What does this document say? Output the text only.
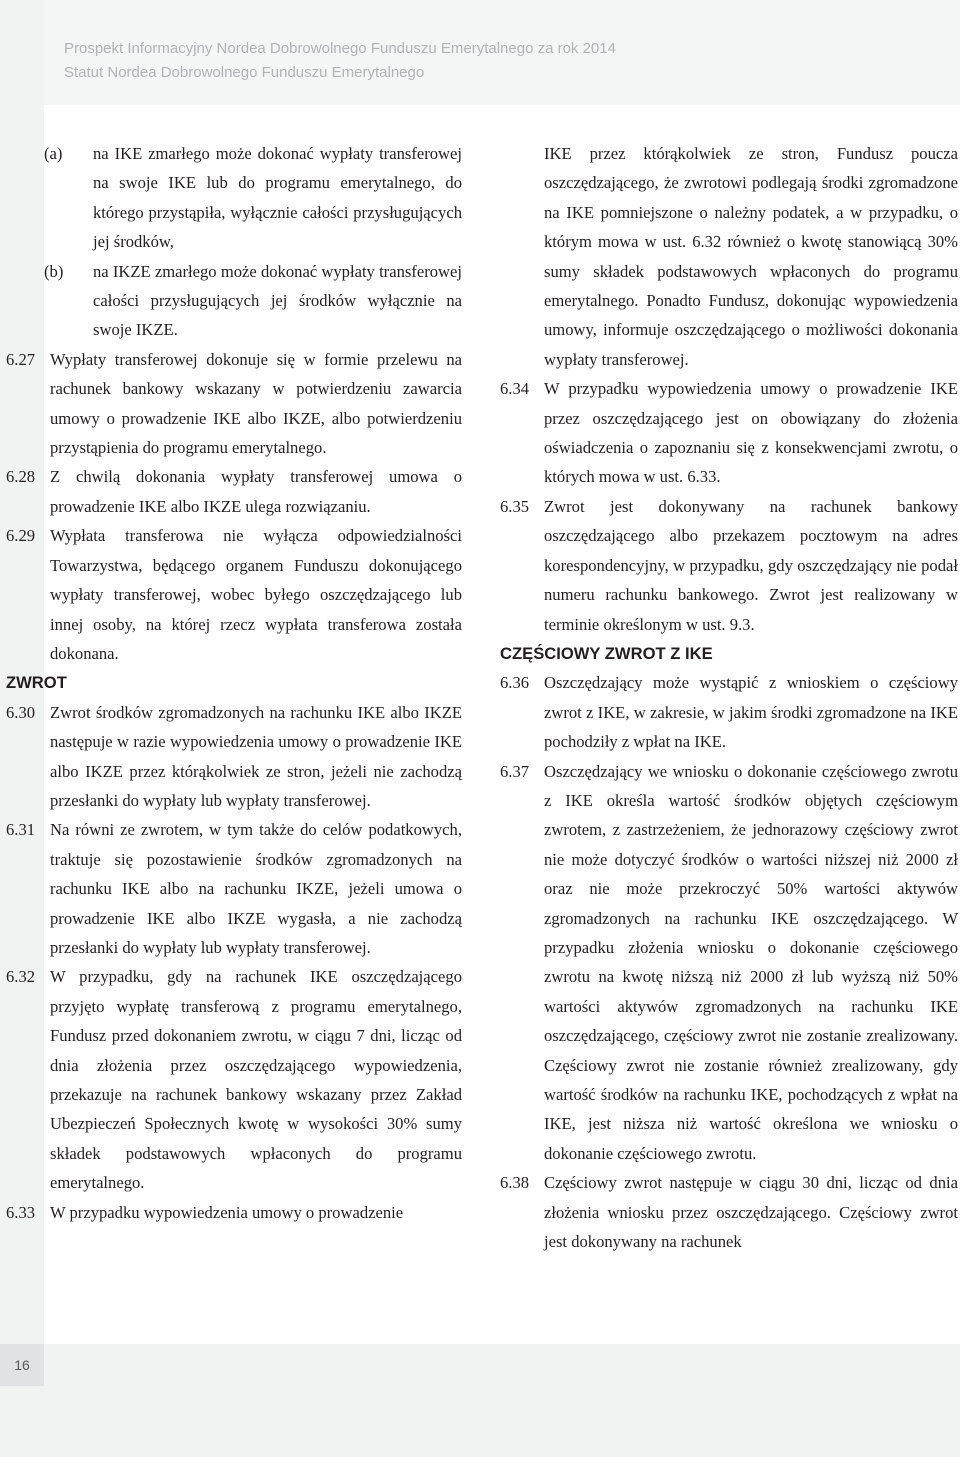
Prospekt Informacyjny Nordea Dobrowolnego Funduszu Emerytalnego za rok 2014
Statut Nordea Dobrowolnego Funduszu Emerytalnego
(a) na IKE zmarłego może dokonać wypłaty transferowej na swoje IKE lub do programu emerytalnego, do którego przystąpiła, wyłącznie całości przysługujących jej środków,
(b) na IKZE zmarłego może dokonać wypłaty transferowej całości przysługujących jej środków wyłącznie na swoje IKZE.
6.27 Wypłaty transferowej dokonuje się w formie przelewu na rachunek bankowy wskazany w potwierdzeniu zawarcia umowy o prowadzenie IKE albo IKZE, albo potwierdzeniu przystąpienia do programu emerytalnego.
6.28 Z chwilą dokonania wypłaty transferowej umowa o prowadzenie IKE albo IKZE ulega rozwiązaniu.
6.29 Wypłata transferowa nie wyłącza odpowiedzialności Towarzystwa, będącego organem Funduszu dokonującego wypłaty transferowej, wobec byłego oszczędzającego lub innej osoby, na której rzecz wypłata transferowa została dokonana.
ZWROT
6.30 Zwrot środków zgromadzonych na rachunku IKE albo IKZE następuje w razie wypowiedzenia umowy o prowadzenie IKE albo IKZE przez którąkolwiek ze stron, jeżeli nie zachodzą przesłanki do wypłaty lub wypłaty transferowej.
6.31 Na równi ze zwrotem, w tym także do celów podatkowych, traktuje się pozostawienie środków zgromadzonych na rachunku IKE albo na rachunku IKZE, jeżeli umowa o prowadzenie IKE albo IKZE wygasła, a nie zachodzą przesłanki do wypłaty lub wypłaty transferowej.
6.32 W przypadku, gdy na rachunek IKE oszczędzającego przyjęto wypłatę transferową z programu emerytalnego, Fundusz przed dokonaniem zwrotu, w ciągu 7 dni, licząc od dnia złożenia przez oszczędzającego wypowiedzenia, przekazuje na rachunek bankowy wskazany przez Zakład Ubezpieczeń Społecznych kwotę w wysokości 30% sumy składek podstawowych wpłaconych do programu emerytalnego.
6.33 W przypadku wypowiedzenia umowy o prowadzenie
IKE przez którąkolwiek ze stron, Fundusz poucza oszczędzającego, że zwrotowi podlegają środki zgromadzone na IKE pomniejszone o należny podatek, a w przypadku, o którym mowa w ust. 6.32 również o kwotę stanowiącą 30% sumy składek podstawowych wpłaconych do programu emerytalnego. Ponadto Fundusz, dokonując wypowiedzenia umowy, informuje oszczędzającego o możliwości dokonania wypłaty transferowej.
6.34 W przypadku wypowiedzenia umowy o prowadzenie IKE przez oszczędzającego jest on obowiązany do złożenia oświadczenia o zapoznaniu się z konsekwencjami zwrotu, o których mowa w ust. 6.33.
6.35 Zwrot jest dokonywany na rachunek bankowy oszczędzającego albo przekazem pocztowym na adres korespondencyjny, w przypadku, gdy oszczędzający nie podał numeru rachunku bankowego. Zwrot jest realizowany w terminie określonym w ust. 9.3.
CZĘŚCIOWY ZWROT Z IKE
6.36 Oszczędzający może wystąpić z wnioskiem o częściowy zwrot z IKE, w zakresie, w jakim środki zgromadzone na IKE pochodziły z wpłat na IKE.
6.37 Oszczędzający we wniosku o dokonanie częściowego zwrotu z IKE określa wartość środków objętych częściowym zwrotem, z zastrzeżeniem, że jednorazowy częściowy zwrot nie może dotyczyć środków o wartości niższej niż 2000 zł oraz nie może przekroczyć 50% wartości aktywów zgromadzonych na rachunku IKE oszczędzającego. W przypadku złożenia wniosku o dokonanie częściowego zwrotu na kwotę niższą niż 2000 zł lub wyższą niż 50% wartości aktywów zgromadzonych na rachunku IKE oszczędzającego, częściowy zwrot nie zostanie zrealizowany. Częściowy zwrot nie zostanie również zrealizowany, gdy wartość środków na rachunku IKE, pochodzących z wpłat na IKE, jest niższa niż wartość określona we wniosku o dokonanie częściowego zwrotu.
6.38 Częściowy zwrot następuje w ciągu 30 dni, licząc od dnia złożenia wniosku przez oszczędzającego. Częściowy zwrot jest dokonywany na rachunek
16
